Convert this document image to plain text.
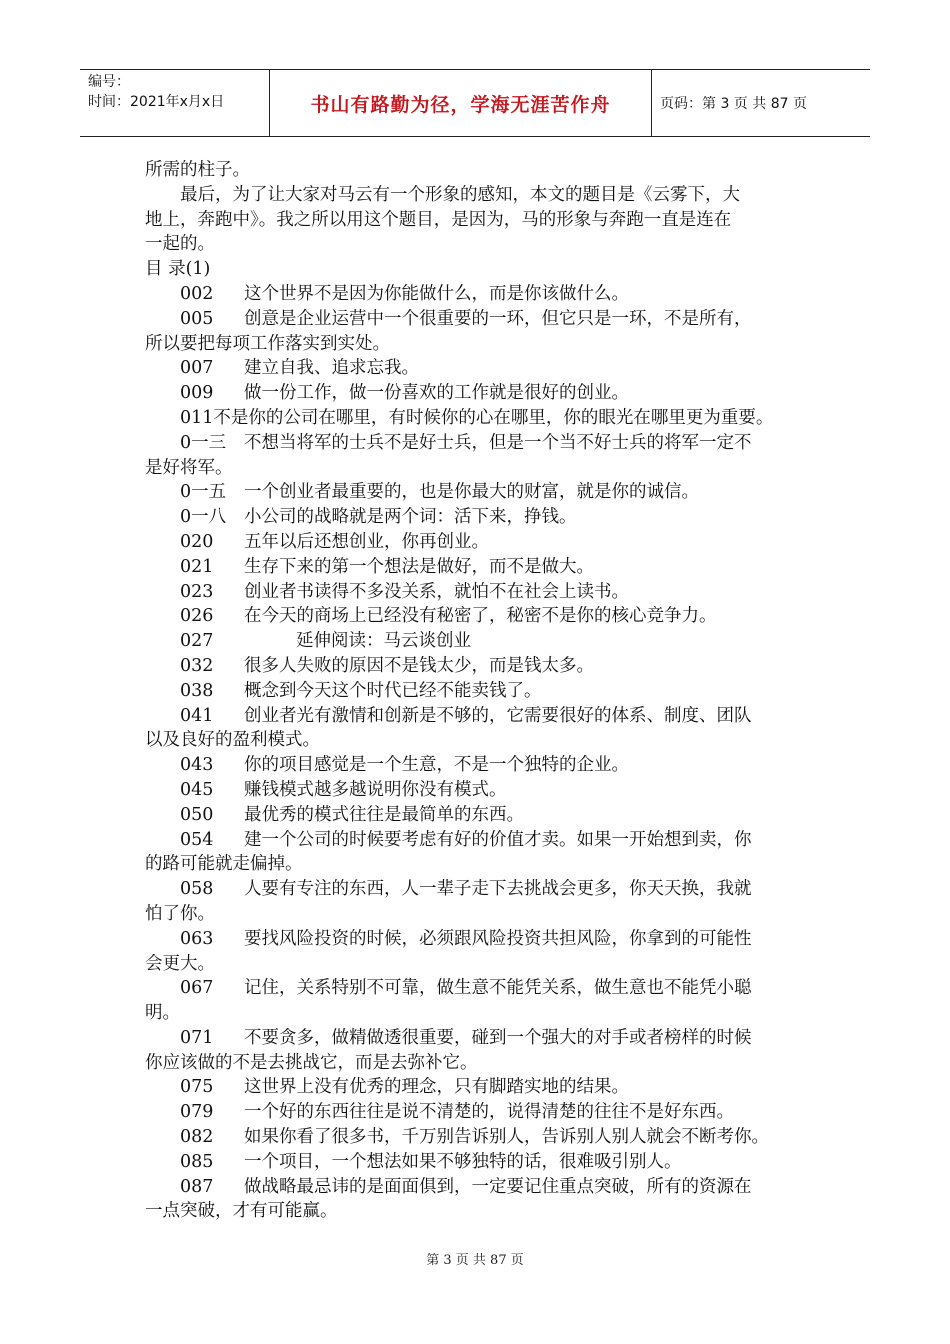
编号：
时间：2021年x月x日	书山有路勤为径，学海无涯苦作舟	页码：第 3 页 共 87 页

所需的柱子。

最后，为了让大家对马云有一个形象的感知，本文的题目是《云雾下，大

地上，奔跑中》。我之所以用这个题目，是因为，马的形象与奔跑一直是连在

一起的。

目 录(1)

002 这个世界不是因为你能做什么，而是你该做什么。

005 创意是企业运营中一个很重要的一环，但它只是一环，不是所有，

所以要把每项工作落实到实处。

007 建立自我、追求忘我。

009 做一份工作，做一份喜欢的工作就是很好的创业。

011不是你的公司在哪里，有时候你的心在哪里，你的眼光在哪里更为重要。

0一三 不想当将军的士兵不是好士兵，但是一个当不好士兵的将军一定不

是好将军。

0一五 一个创业者最重要的，也是你最大的财富，就是你的诚信。

0一八 小公司的战略就是两个词：活下来，挣钱。

020 五年以后还想创业，你再创业。

021 生存下来的第一个想法是做好，而不是做大。

023 创业者书读得不多没关系，就怕不在社会上读书。

026 在今天的商场上已经没有秘密了，秘密不是你的核心竞争力。

027	延伸阅读：马云谈创业

032 很多人失败的原因不是钱太少，而是钱太多。

038 概念到今天这个时代已经不能卖钱了。

041 创业者光有激情和创新是不够的，它需要很好的体系、制度、团队

以及良好的盈利模式。

043 你的项目感觉是一个生意，不是一个独特的企业。

045 赚钱模式越多越说明你没有模式。

050 最优秀的模式往往是最简单的东西。

054 建一个公司的时候要考虑有好的价值才卖。如果一开始想到卖，你

的路可能就走偏掉。

058 人要有专注的东西，人一辈子走下去挑战会更多，你天天换，我就

怕了你。

063 要找风险投资的时候，必须跟风险投资共担风险，你拿到的可能性

会更大。

067 记住，关系特别不可靠，做生意不能凭关系，做生意也不能凭小聪

明。

071 不要贪多，做精做透很重要，碰到一个强大的对手或者榜样的时候

你应该做的不是去挑战它，而是去弥补它。

075 这世界上没有优秀的理念，只有脚踏实地的结果。

079 一个好的东西往往是说不清楚的，说得清楚的往往不是好东西。

082 如果你看了很多书，千万别告诉别人，告诉别人别人就会不断考你。

085 一个项目，一个想法如果不够独特的话，很难吸引别人。

087 做战略最忌讳的是面面俱到，一定要记住重点突破，所有的资源在

一点突破，才有可能赢。

第 3 页 共 87 页
